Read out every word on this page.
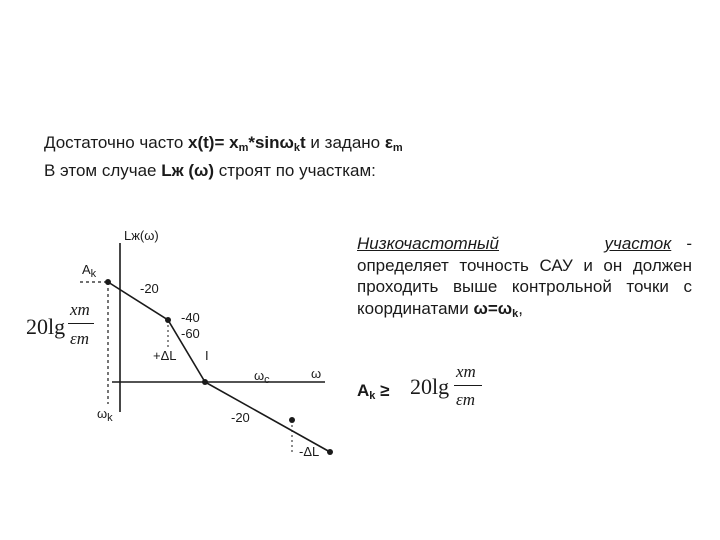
Достаточно часто $x(t)= x_m*\sin\omega_kt$ и задано $\varepsilon_m$
В этом случае Lж (ω) строят по участкам:
Lж(ω)
$A_k$
-20
-40
-60
+ΔL I
$\omega_c$	ω
$\omega_k$	-20
-ΔL
20lg
xm
εm
Низкочастотный	участок - определяет точность САУ и он должен проходить выше контрольной точки с координатами $\omega=\omega_k$,
$A_k \ge 20\lg$
xm
εm
